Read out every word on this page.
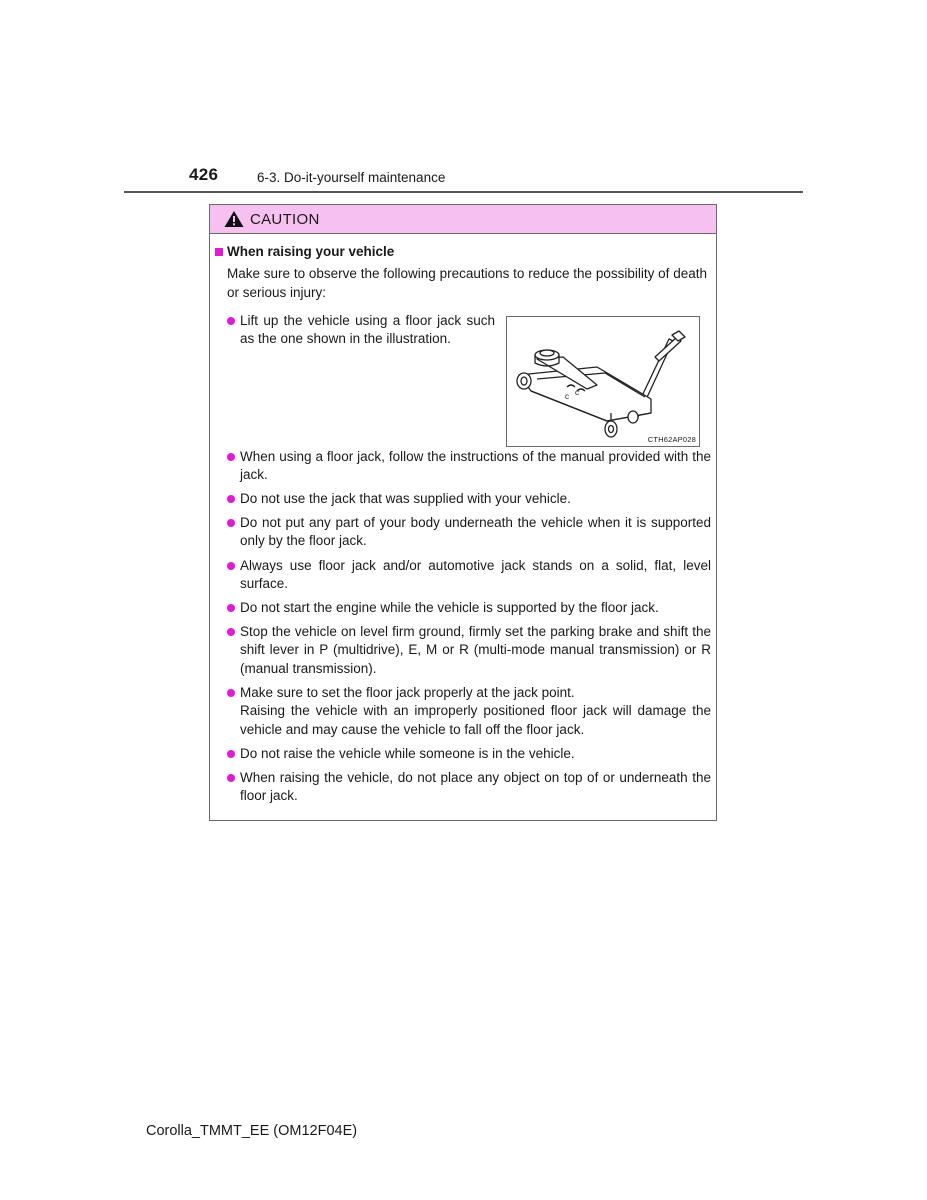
426	6-3. Do-it-yourself maintenance
CAUTION
When raising your vehicle
Make sure to observe the following precautions to reduce the possibility of death or serious injury:
Lift up the vehicle using a floor jack such as the one shown in the illustration.
c c
CTH62AP028
When using a floor jack, follow the instructions of the manual provided with the jack.
Do not use the jack that was supplied with your vehicle.
Do not put any part of your body underneath the vehicle when it is supported only by the floor jack.
Always use floor jack and/or automotive jack stands on a solid, flat, level surface.
Do not start the engine while the vehicle is supported by the floor jack.
Stop the vehicle on level firm ground, firmly set the parking brake and shift the shift lever in P (multidrive), E, M or R (multi-mode manual transmission) or R (manual transmission).
Make sure to set the floor jack properly at the jack point.
Raising the vehicle with an improperly positioned floor jack will damage the vehicle and may cause the vehicle to fall off the floor jack.
Do not raise the vehicle while someone is in the vehicle.
When raising the vehicle, do not place any object on top of or underneath the floor jack.
Corolla_TMMT_EE (OM12F04E)
